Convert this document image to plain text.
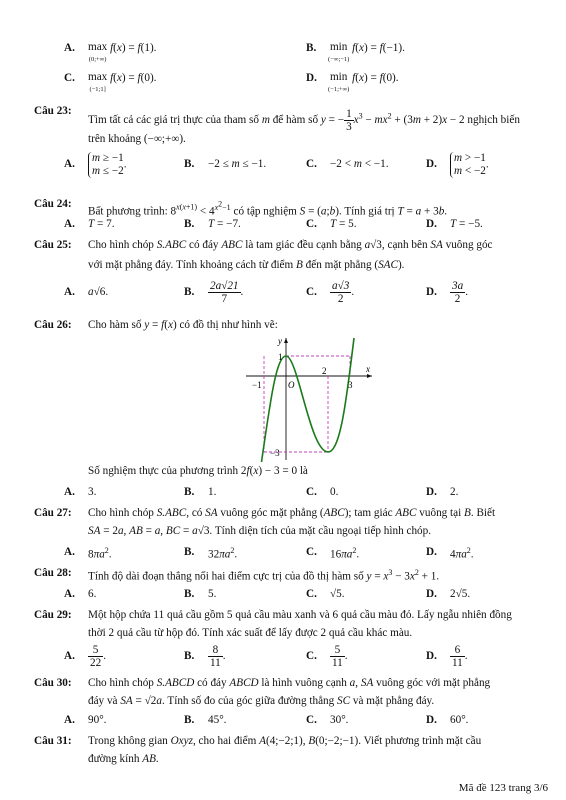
A. max
(0;+∞) f(x) = f(1).	B. min
(−∞;−1) f(x) = f(−1).
C. max
(−1;1] f(x) = f(0).	D. min
(−1;+∞) f(x) = f(0).
Câu 23:
Tìm tất cả các giá trị thực của tham số m để hàm số y = − $\frac{1}{3} x^3 - mx^2 + (3m + 2)x - 2$ nghịch biến
trên khoảng (−∞;+∞).
A.	m ≥ −1
m ≤ −2.	B. −2 ≤ m ≤ −1.	C. −2 < m < −1.	D.	m > −1
m < −2.
Câu 24:
Bất phương trình: $8^{x(x+1)} < 4^{x^2-1}$ có tập nghiệm S = (a;b). Tính giá trị T = a + 3b.
A. T = 7.	B. T = −7.	C. T = 5.	D. T = −5.
Câu 25: Cho hình chóp S.ABC có đáy ABC là tam giác đều cạnh bằng a√3, cạnh bên SA vuông góc
với mặt phẳng đáy. Tính khoảng cách từ điểm B đến mặt phẳng (SAC).
A. a√6.	B. $\frac{2a√21}{7}$ .	C. $\frac{a√3}{2}$ .	D. $\frac{3a}{2}$ .
Câu 26: Cho hàm số y = f(x) có đồ thị như hình vẽ:
y
x
1
−1	O
2
3
−3
Số nghiệm thực của phương trình 2f(x) − 3 = 0 là
A. 3.	B. 1.	C. 0.	D. 2.
Câu 27: Cho hình chóp S.ABC, có SA vuông góc mặt phẳng (ABC); tam giác ABC vuông tại B. Biết
SA = 2a, AB = a, BC = a√3. Tính diện tích của mặt cầu ngoại tiếp hình chóp.
A. $8\pi a^2$.	B. $32\pi a^2$.	C. $16\pi a^2$.	D. $4\pi a^2$.
Câu 28: Tính độ dài đoạn thẳng nối hai điểm cực trị của đồ thị hàm số $y = x^3 - 3x^2 + 1$.
A. 6.	B. 5.	C. √5.	D. 2√5.
Câu 29: Một hộp chứa 11 quả cầu gồm 5 quả cầu màu xanh và 6 quả cầu màu đỏ. Lấy ngẫu nhiên đồng
thời 2 quả cầu từ hộp đó. Tính xác suất để lấy được 2 quả cầu khác màu.
A. $\frac{5}{22}$ .	B. $\frac{8}{11}$ .	C. $\frac{5}{11}$ .	D. $\frac{6}{11}$ .
Câu 30: Cho hình chóp S.ABCD có đáy ABCD là hình vuông cạnh a, SA vuông góc với mặt phẳng
đáy và SA = √2a. Tính số đo của góc giữa đường thẳng SC và mặt phẳng đáy.
A. 90°.	B. 45°.	C. 30°.	D. 60°.
Câu 31: Trong không gian Oxyz, cho hai điểm A(4;−2;1), B(0;−2;−1). Viết phương trình mặt cầu
đường kính AB.
Mã đề 123 trang 3/6
